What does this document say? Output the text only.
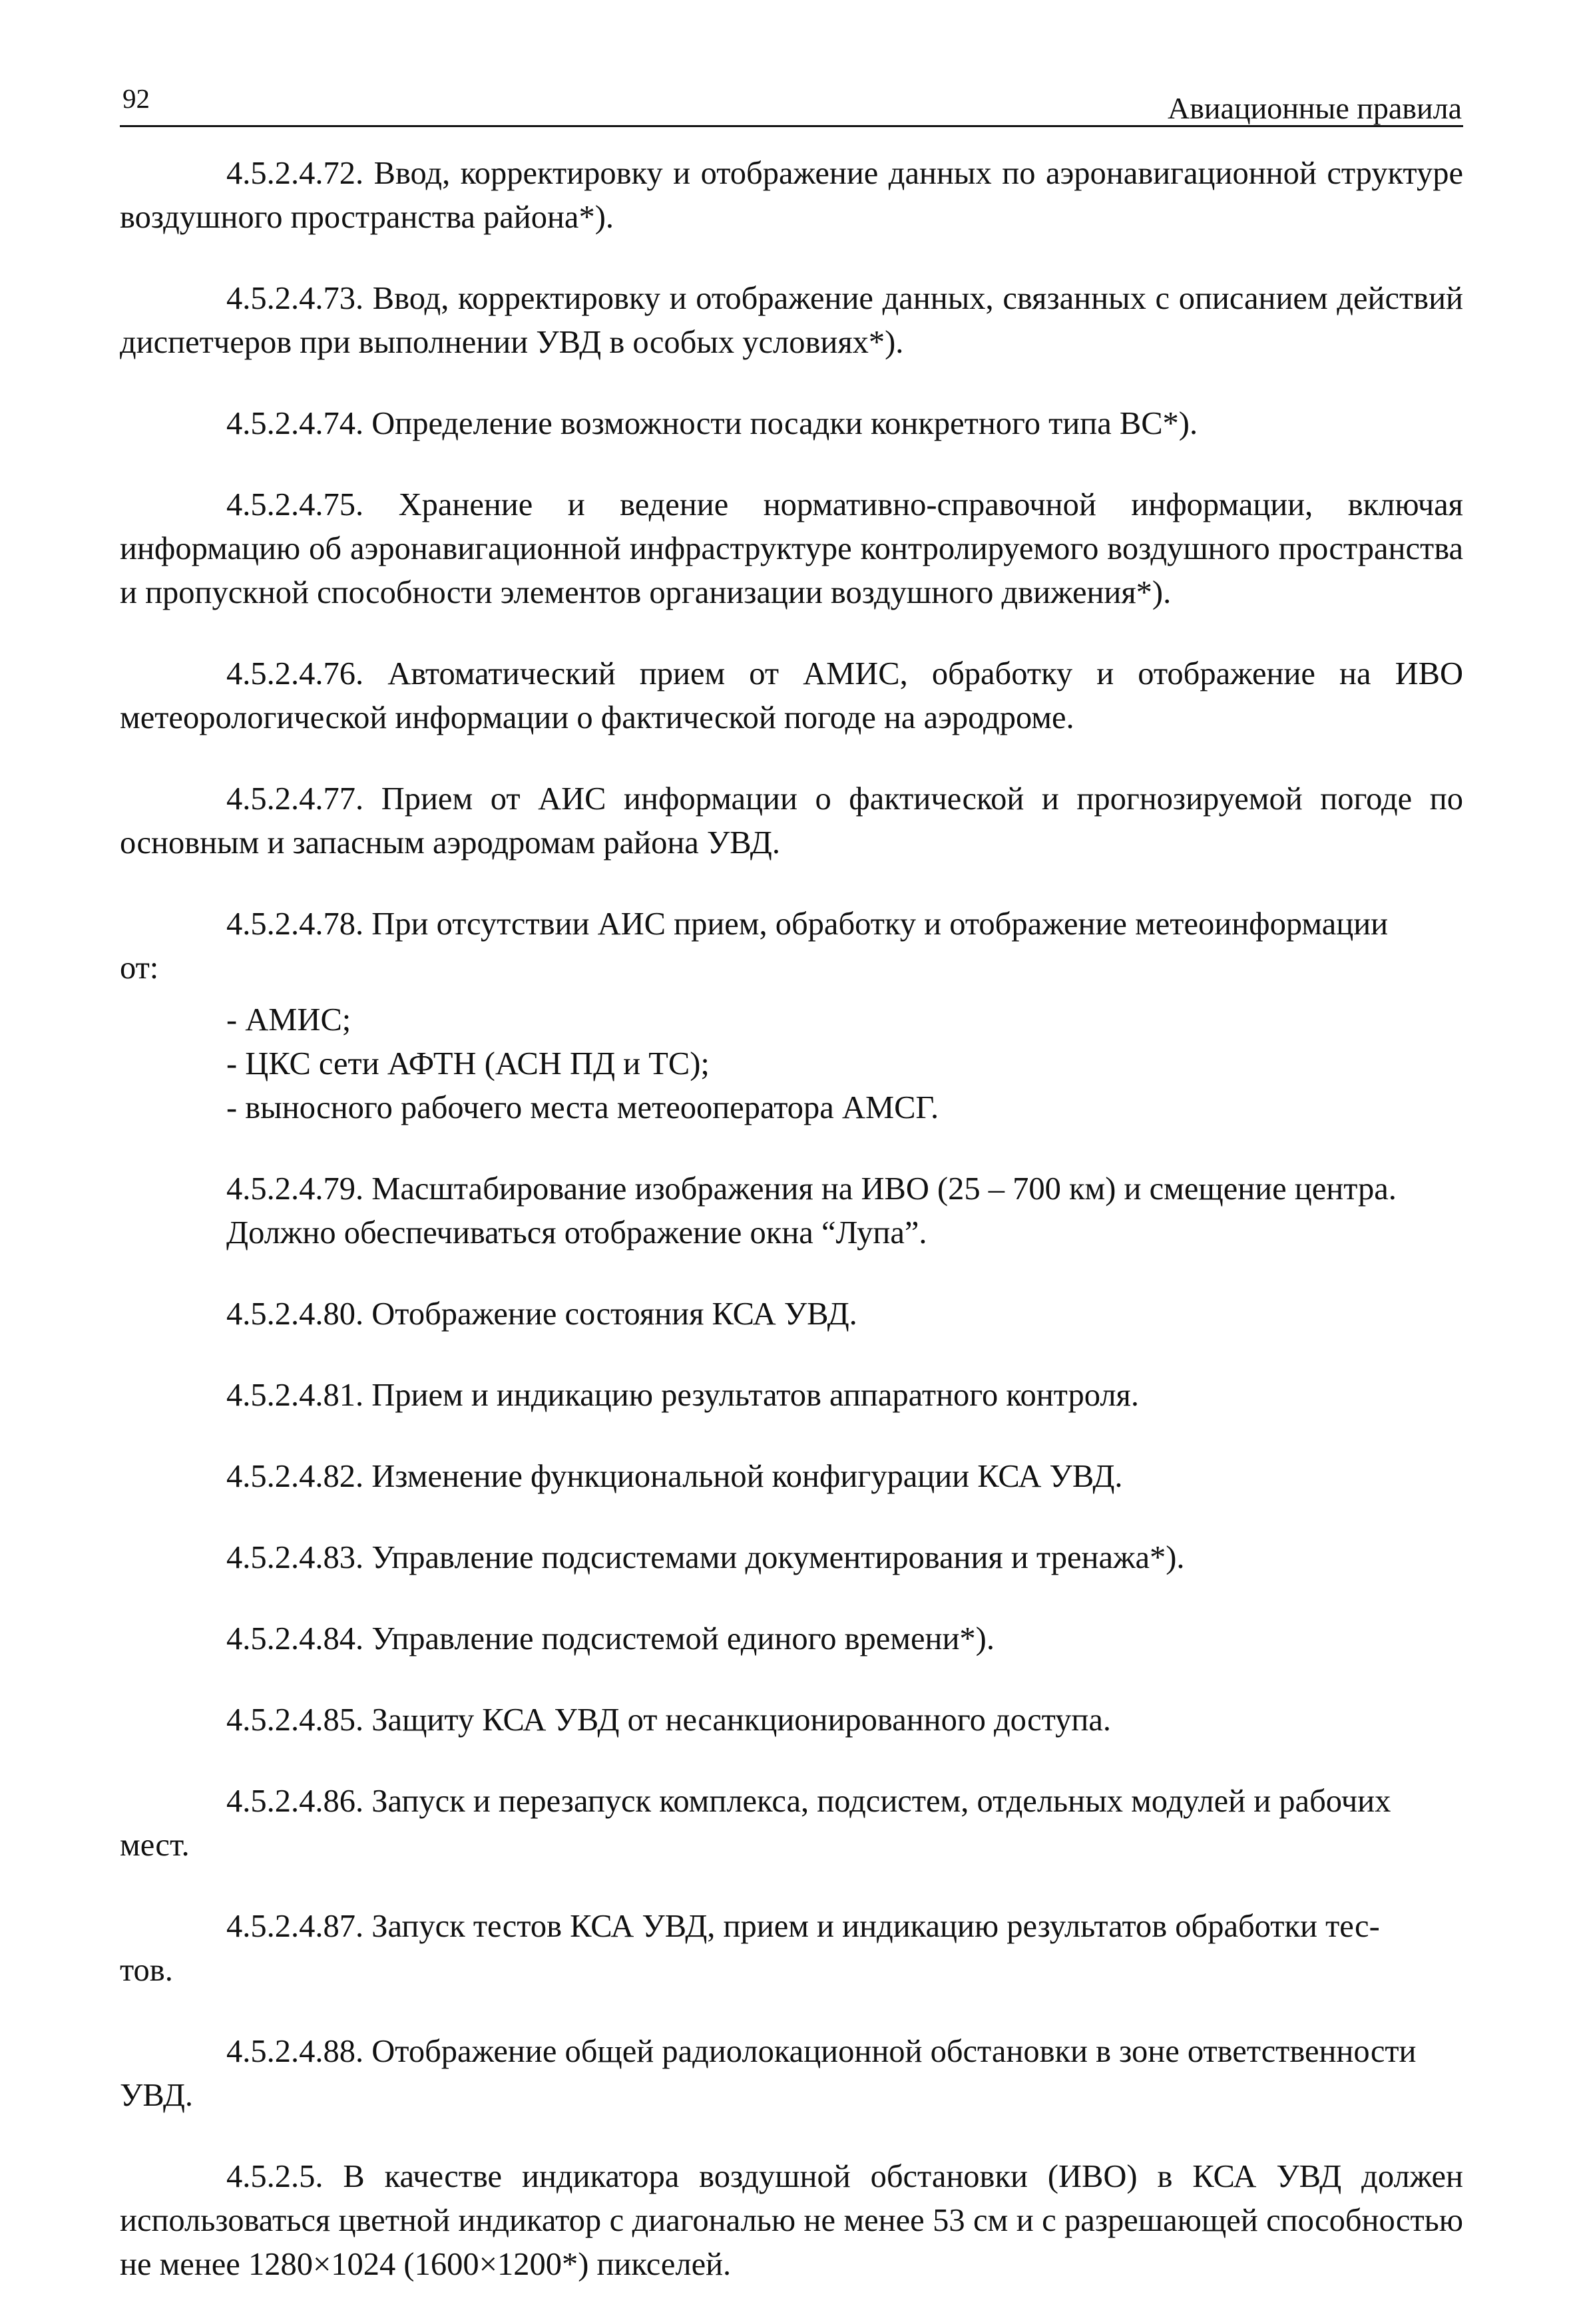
92	Авиационные правила

4.5.2.4.72. Ввод, корректировку и отображение данных по аэронавигационной структуре воздушного пространства района*).

4.5.2.4.73. Ввод, корректировку и отображение данных, связанных с описанием действий диспетчеров при выполнении УВД в особых условиях*).

4.5.2.4.74. Определение возможности посадки конкретного типа ВС*).

4.5.2.4.75. Хранение и ведение нормативно-справочной информации, включая информацию об аэронавигационной инфраструктуре контролируемого воздушного пространства и пропускной способности элементов организации воздушного движения*).

4.5.2.4.76. Автоматический прием от АМИС, обработку и отображение на ИВО метеорологической информации о фактической погоде на аэродроме.

4.5.2.4.77. Прием от АИС информации о фактической и прогнозируемой погоде по основным и запасным аэродромам района УВД.

4.5.2.4.78. При отсутствии АИС прием, обработку и отображение метеоинформации

от:

- АМИС;
- ЦКС сети АФТН (АСН ПД и ТС);
- выносного рабочего места метеооператора АМСГ.
4.5.2.4.79. Масштабирование изображения на ИВО (25 – 700 км) и смещение центра.
Должно обеспечиваться отображение окна “Лупа”.

4.5.2.4.80. Отображение состояния КСА УВД.

4.5.2.4.81. Прием и индикацию результатов аппаратного контроля.

4.5.2.4.82. Изменение функциональной конфигурации КСА УВД.

4.5.2.4.83. Управление подсистемами документирования и тренажа*).

4.5.2.4.84. Управление подсистемой единого времени*).

4.5.2.4.85. Защиту КСА УВД от несанкционированного доступа.

4.5.2.4.86. Запуск и перезапуск комплекса, подсистем, отдельных модулей и рабочих

мест.

4.5.2.4.87. Запуск тестов КСА УВД, прием и индикацию результатов обработки тес-

тов.

4.5.2.4.88. Отображение общей радиолокационной обстановки в зоне ответственности

УВД.

4.5.2.5. В качестве индикатора воздушной обстановки (ИВО) в КСА УВД должен использоваться цветной индикатор с диагональю не менее 53 см и с разрешающей способностью не менее 1280×1024 (1600×1200*) пикселей.
